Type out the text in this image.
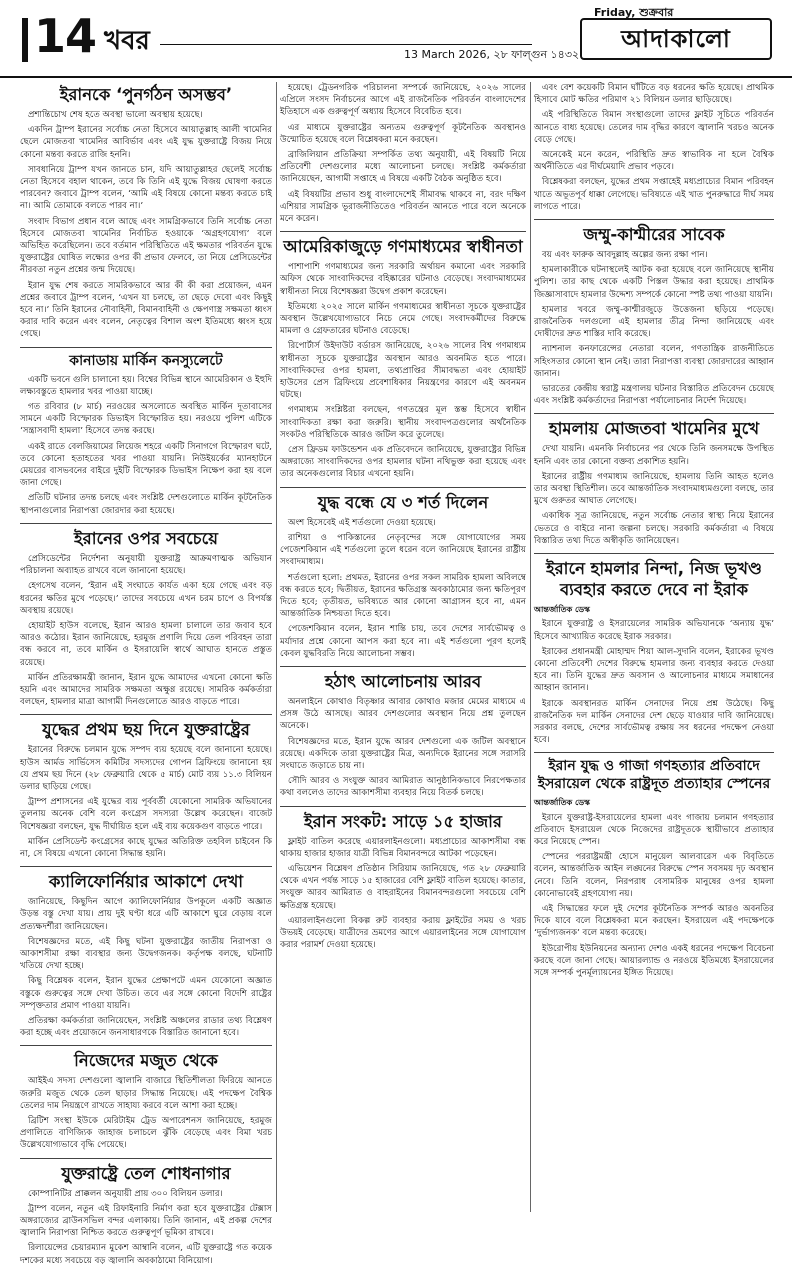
14 খবর	13 March 2026, ২৮ ফাল্গুন ১৪৩২
Friday, শুক্রবার
আদাকালো
ইরানকে ‘পুনর্গঠন অসম্ভব’

প্রশান্তিচোখ শেষ হতে অবস্থা ভালো অবস্থায় হয়েছে।

একদিন ট্রাম্প ইরানের সর্বোচ্চ নেতা হিসেবে আয়াতুল্লাহ আলী খামেনির ছেলে মোজতবা খামেনির আবির্ভাব এবং এই যুদ্ধ যুক্তরাষ্ট্রে বিজয় নিয়ে কোনো মন্তব্য করতে রাজি হননি।

সাবধানিয়ে ট্রাম্প যখন জানতে চান, যদি আয়াতুল্লাহর ছেলেই সর্বোচ্চ নেতা হিসেবে বহাল থাকেন, তবে কি তিনি এই যুদ্ধে বিজয় ঘোষণা করতে পারবেন? জবাবে ট্রাম্প বলেন, ‘আমি এই বিষয়ে কোনো মন্তব্য করতে চাই না। আমি তোমাকে বলতে পারব না।’

সংবাদ বিভাগ প্রধান বলে আছে এবং সামগ্রিকভাবে তিনি সর্বোচ্চ নেতা হিসেবে মোজতবা খামেনির নির্বাচিত হওয়াকে ‘অগ্রহণযোগ্য’ বলে অভিহিত করেছিলেন। তবে বর্তমান পরিস্থিতিতে এই ক্ষমতার পরিবর্তন যুদ্ধে যুক্তরাষ্ট্রের ঘোষিত লক্ষ্যের ওপর কী প্রভাব ফেলবে, তা নিয়ে প্রেসিডেন্টের নীরবতা নতুন প্রশ্নের জন্ম দিয়েছে।

ইরান যুদ্ধ শেষ করতে সামরিকভাবে আর কী কী করা প্রয়োজন, এমন প্রশ্নের জবাবে ট্রাম্প বলেন, ‘এখন যা চলছে, তা ছেড়ে দেবো এবং কিছুই হবে না।’ তিনি ইরানের নৌবাহিনী, বিমানবাহিনী ও ক্ষেপণাস্ত্র সক্ষমতা ধ্বংস করার দাবি করেন এবং বলেন, নেতৃত্বের বিশাল অংশ ইতিমধ্যে ধ্বংস হয়ে গেছে।

কানাডায় মার্কিন কনস্যুলেটে

একটি ভবনে গুলি চালানো হয়। বিশ্বের বিভিন্ন স্থানে আমেরিকান ও ইহুদি লক্ষ্যবস্তুতে হামলার খবর পাওয়া যাচ্ছে।

গত রবিবার (৮ মার্চ) নরওয়ের অসলোতে অবস্থিত মার্কিন দূতাবাসের সামনে একটি বিস্ফোরক ডিভাইস বিস্ফোরিত হয়। নরওয়ে পুলিশ এটিকে ‘সন্ত্রাসবাদী হামলা’ হিসেবে তদন্ত করছে।

একই রাতে বেলজিয়ামের লিয়েজ শহরে একটি সিনাগগে বিস্ফোরণ ঘটে, তবে কোনো হতাহতের খবর পাওয়া যায়নি। নিউইয়র্কের ম্যানহাটনে মেয়রের বাসভবনের বাইরে দুইটি বিস্ফোরক ডিভাইস নিক্ষেপ করা হয় বলে জানা গেছে।

প্রতিটি ঘটনার তদন্ত চলছে এবং সংশ্লিষ্ট দেশগুলোতে মার্কিন কূটনৈতিক স্থাপনাগুলোর নিরাপত্তা জোরদার করা হয়েছে।

ইরানের ওপর সবচেয়ে

প্রেসিডেন্টের নির্দেশনা অনুযায়ী যুক্তরাষ্ট্র আক্রমণাত্মক অভিযান পরিচালনা অব্যাহত রাখবে বলে জানানো হয়েছে।

হেগসেথ বলেন, ‘ইরান এই সংঘাতে কার্যত একা হয়ে গেছে এবং বড় ধরনের ক্ষতির মুখে পড়েছে।’ তাদের সবচেয়ে এখন চরম চাপে ও বিপর্যস্ত অবস্থায় রয়েছে।

হোয়াইট হাউস বলেছে, ইরান আরও হামলা চালালে তার জবাব হবে আরও কঠোর। ইরান জানিয়েছে, হরমুজ প্রণালি দিয়ে তেল পরিবহন তারা বন্ধ করবে না, তবে মার্কিন ও ইসরায়েলি স্বার্থে আঘাত হানতে প্রস্তুত রয়েছে।

মার্কিন প্রতিরক্ষামন্ত্রী জানান, ইরান যুদ্ধে আমাদের এখনো কোনো ক্ষতি হয়নি এবং আমাদের সামরিক সক্ষমতা অক্ষুণ্ণ রয়েছে। সামরিক কর্মকর্তারা বলছেন, হামলার মাত্রা আগামী দিনগুলোতে আরও বাড়তে পারে।

যুদ্ধের প্রথম ছয় দিনে যুক্তরাষ্ট্রের

ইরানের বিরুদ্ধে চলমান যুদ্ধে সম্পদ ব্যয় হয়েছে বলে জানানো হয়েছে। হাউস আর্মড সার্ভিসেস কমিটির সদস্যদের গোপন ব্রিফিংয়ে জানানো হয় যে প্রথম ছয় দিনে (২৮ ফেব্রুয়ারি থেকে ৫ মার্চ) মোট ব্যয় ১১.৩ বিলিয়ন ডলার ছাড়িয়ে গেছে।

ট্রাম্প প্রশাসনের এই যুদ্ধের ব্যয় পূর্ববর্তী যেকোনো সামরিক অভিযানের তুলনায় অনেক বেশি বলে কংগ্রেস সদস্যরা উল্লেখ করেছেন। বাজেট বিশেষজ্ঞরা বলছেন, যুদ্ধ দীর্ঘায়িত হলে এই ব্যয় কয়েকগুণ বাড়তে পারে।

মার্কিন প্রেসিডেন্ট কংগ্রেসের কাছে যুদ্ধের অতিরিক্ত তহবিল চাইবেন কি না, সে বিষয়ে এখনো কোনো সিদ্ধান্ত হয়নি।

ক্যালিফোর্নিয়ার আকাশে দেখা

জানিয়েছে, কিছুদিন আগে ক্যালিফোর্নিয়ার উপকূলে একটি অজ্ঞাত উড়ন্ত বস্তু দেখা যায়। প্রায় দুই ঘণ্টা ধরে এটি আকাশে ঘুরে বেড়ায় বলে প্রত্যক্ষদর্শীরা জানিয়েছেন।

বিশেষজ্ঞদের মতে, এই কিছু ঘটনা যুক্তরাষ্ট্রের জাতীয় নিরাপত্তা ও আকাশসীমা রক্ষা ব্যবস্থার জন্য উদ্বেগজনক। কর্তৃপক্ষ বলছে, ঘটনাটি খতিয়ে দেখা হচ্ছে।

কিছু বিশ্লেষক বলেন, ইরান যুদ্ধের প্রেক্ষাপটে এমন যেকোনো অজ্ঞাত বস্তুকে গুরুত্বের সঙ্গে দেখা উচিত। তবে এর সঙ্গে কোনো বিদেশি রাষ্ট্রের সম্পৃক্ততার প্রমাণ পাওয়া যায়নি।

প্রতিরক্ষা কর্মকর্তারা জানিয়েছেন, সংশ্লিষ্ট অঞ্চলের রাডার তথ্য বিশ্লেষণ করা হচ্ছে এবং প্রয়োজনে জনসাধারণকে বিস্তারিত জানানো হবে।

নিজেদের মজুত থেকে

আইইএ সদস্য দেশগুলো জ্বালানি বাজারে স্থিতিশীলতা ফিরিয়ে আনতে জরুরি মজুত থেকে তেল ছাড়ার সিদ্ধান্ত নিয়েছে। এই পদক্ষেপ বৈশ্বিক তেলের দাম নিয়ন্ত্রণে রাখতে সাহায্য করবে বলে আশা করা হচ্ছে।

ব্রিটিশ সংস্থা ইউকে মেরিটাইম ট্রেড অপারেশনস জানিয়েছে, হরমুজ প্রণালিতে বাণিজ্যিক জাহাজ চলাচলে ঝুঁকি বেড়েছে এবং বিমা খরচ উল্লেখযোগ্যভাবে বৃদ্ধি পেয়েছে।

যুক্তরাষ্ট্রে তেল শোধনাগার

কোম্পানিটির প্রাক্কলন অনুযায়ী প্রায় ৩০০ বিলিয়ন ডলার।

ট্রাম্প বলেন, নতুন এই রিফাইনারি নির্মাণ করা হবে যুক্তরাষ্ট্রের টেক্সাস অঙ্গরাজ্যের ব্রাউনসভিল বন্দর এলাকায়। তিনি জানান, এই প্রকল্প দেশের জ্বালানি নিরাপত্তা নিশ্চিত করতে গুরুত্বপূর্ণ ভূমিকা রাখবে।

রিলায়েন্সের চেয়ারম্যান মুকেশ আম্বানি বলেন, এটি যুক্তরাষ্ট্রে গত কয়েক দশকের মধ্যে সবচেয়ে বড় জ্বালানি অবকাঠামো বিনিয়োগ।

হয়েছে। ট্রেডনগরিক পরিচালনা সম্পর্কে জানিয়েছে, ২০২৬ সালের এপ্রিলে সংসদ নির্বাচনের আগে এই রাজনৈতিক পরিবর্তন বাংলাদেশের ইতিহাসে এক গুরুত্বপূর্ণ অধ্যায় হিসেবে বিবেচিত হবে।

এর মাধ্যমে যুক্তরাষ্ট্রের অন্যতম গুরুত্বপূর্ণ কূটনৈতিক অবস্থানও উন্মোচিত হয়েছে বলে বিশ্লেষকরা মনে করছেন।

ব্রাজিলিয়ান প্রতিক্রিয়া সম্পর্কিত তথ্য অনুযায়ী, এই বিষয়টি নিয়ে প্রতিবেশী দেশগুলোর মধ্যে আলোচনা চলছে। সংশ্লিষ্ট কর্মকর্তারা জানিয়েছেন, আগামী সপ্তাহে এ বিষয়ে একটি বৈঠক অনুষ্ঠিত হবে।

এই বিষয়টির প্রভাব শুধু বাংলাদেশেই সীমাবদ্ধ থাকবে না, বরং দক্ষিণ এশিয়ার সামগ্রিক ভূরাজনীতিতেও পরিবর্তন আনতে পারে বলে অনেকে মনে করেন।

আমেরিকাজুড়ে গণমাধ্যমের স্বাধীনতা

পাশাপাশি গণমাধ্যমের জন্য সরকারি অর্থায়ন কমানো এবং সরকারি অফিস থেকে সাংবাদিকদের বহিষ্কারের ঘটনাও বেড়েছে। সংবাদমাধ্যমের স্বাধীনতা নিয়ে বিশেষজ্ঞরা উদ্বেগ প্রকাশ করেছেন।

ইতিমধ্যে ২০২৫ সালে মার্কিন গণমাধ্যমের স্বাধীনতা সূচকে যুক্তরাষ্ট্রের অবস্থান উল্লেখযোগ্যভাবে নিচে নেমে গেছে। সংবাদকর্মীদের বিরুদ্ধে মামলা ও গ্রেফতারের ঘটনাও বেড়েছে।

রিপোর্টার্স উইদাউট বর্ডারস জানিয়েছে, ২০২৬ সালের বিশ্ব গণমাধ্যম স্বাধীনতা সূচকে যুক্তরাষ্ট্রের অবস্থান আরও অবনমিত হতে পারে। সাংবাদিকদের ওপর হামলা, তথ্যপ্রাপ্তির সীমাবদ্ধতা এবং হোয়াইট হাউসের প্রেস ব্রিফিংয়ে প্রবেশাধিকার নিয়ন্ত্রণের কারণে এই অবনমন ঘটছে।

গণমাধ্যম সংশ্লিষ্টরা বলছেন, গণতন্ত্রের মূল স্তম্ভ হিসেবে স্বাধীন সাংবাদিকতা রক্ষা করা জরুরি। স্থানীয় সংবাদপত্রগুলোর অর্থনৈতিক সংকটও পরিস্থিতিকে আরও জটিল করে তুলেছে।

প্রেস ফ্রিডম ফাউন্ডেশন এক প্রতিবেদনে জানিয়েছে, যুক্তরাষ্ট্রের বিভিন্ন অঙ্গরাজ্যে সাংবাদিকদের ওপর হামলার ঘটনা নথিভুক্ত করা হয়েছে এবং তার অনেকগুলোর বিচার এখনো হয়নি।

যুদ্ধ বন্ধে যে ৩ শর্ত দিলেন

অংশ হিসেবেই এই শর্তগুলো দেওয়া হয়েছে।

রাশিয়া ও পাকিস্তানের নেতৃবৃন্দের সঙ্গে যোগাযোগের সময় পেজেশকিয়ান এই শর্তগুলো তুলে ধরেন বলে জানিয়েছে ইরানের রাষ্ট্রীয় সংবাদমাধ্যম।

শর্তগুলো হলো: প্রথমত, ইরানের ওপর সকল সামরিক হামলা অবিলম্বে বন্ধ করতে হবে; দ্বিতীয়ত, ইরানের ক্ষতিগ্রস্ত অবকাঠামোর জন্য ক্ষতিপূরণ দিতে হবে; তৃতীয়ত, ভবিষ্যতে আর কোনো আগ্রাসন হবে না, এমন আন্তর্জাতিক নিশ্চয়তা দিতে হবে।

পেজেশকিয়ান বলেন, ইরান শান্তি চায়, তবে দেশের সার্বভৌমত্ব ও মর্যাদার প্রশ্নে কোনো আপস করা হবে না। এই শর্তগুলো পূরণ হলেই কেবল যুদ্ধবিরতি নিয়ে আলোচনা সম্ভব।

হঠাৎ আলোচনায় আরব

অনলাইনে কোথাও বিতৃষ্ণার আবার কোথাও মজার মেমের মাধ্যমে এ প্রসঙ্গ উঠে আসছে। আরব দেশগুলোর অবস্থান নিয়ে প্রশ্ন তুলছেন অনেকে।

বিশেষজ্ঞদের মতে, ইরান যুদ্ধে আরব দেশগুলো এক জটিল অবস্থানে রয়েছে। একদিকে তারা যুক্তরাষ্ট্রের মিত্র, অন্যদিকে ইরানের সঙ্গে সরাসরি সংঘাতে জড়াতে চায় না।

সৌদি আরব ও সংযুক্ত আরব আমিরাত আনুষ্ঠানিকভাবে নিরপেক্ষতার কথা বললেও তাদের আকাশসীমা ব্যবহার নিয়ে বিতর্ক চলছে।

ইরান সংকট: সাড়ে ১৫ হাজার

ফ্লাইট বাতিল করেছে এয়ারলাইনগুলো। মধ্যপ্রাচ্যের আকাশসীমা বন্ধ থাকায় হাজার হাজার যাত্রী বিভিন্ন বিমানবন্দরে আটকা পড়েছেন।

এভিয়েশন বিশ্লেষণ প্রতিষ্ঠান সিরিয়াম জানিয়েছে, গত ২৮ ফেব্রুয়ারি থেকে এখন পর্যন্ত সাড়ে ১৫ হাজারের বেশি ফ্লাইট বাতিল হয়েছে। কাতার, সংযুক্ত আরব আমিরাত ও বাহরাইনের বিমানবন্দরগুলো সবচেয়ে বেশি ক্ষতিগ্রস্ত হয়েছে।

এয়ারলাইনগুলো বিকল্প রুট ব্যবহার করায় ফ্লাইটের সময় ও খরচ উভয়ই বেড়েছে। যাত্রীদের ভ্রমণের আগে এয়ারলাইনের সঙ্গে যোগাযোগ করার পরামর্শ দেওয়া হয়েছে।

এবং বেশ কয়েকটি বিমান ঘাঁটিতে বড় ধরনের ক্ষতি হয়েছে। প্রাথমিক হিসাবে মোট ক্ষতির পরিমাণ ২১ বিলিয়ন ডলার ছাড়িয়েছে।

এই পরিস্থিতিতে বিমান সংস্থাগুলো তাদের ফ্লাইট সূচিতে পরিবর্তন আনতে বাধ্য হয়েছে। তেলের দাম বৃদ্ধির কারণে জ্বালানি খরচও অনেক বেড়ে গেছে।

অনেকেই মনে করেন, পরিস্থিতি দ্রুত স্বাভাবিক না হলে বৈশ্বিক অর্থনীতিতে এর দীর্ঘমেয়াদি প্রভাব পড়বে।

বিশ্লেষকরা বলছেন, যুদ্ধের প্রথম সপ্তাহেই মধ্যপ্রাচ্যের বিমান পরিবহন খাতে অভূতপূর্ব ধাক্কা লেগেছে। ভবিষ্যতে এই খাত পুনরুদ্ধারে দীর্ঘ সময় লাগতে পারে।

জম্মু-কাশ্মীরের সাবেক

বয় এবং ফারুক আবদুল্লাহ অল্পের জন্য রক্ষা পান।

হামলাকারীকে ঘটনাস্থলেই আটক করা হয়েছে বলে জানিয়েছে স্থানীয় পুলিশ। তার কাছ থেকে একটি পিস্তল উদ্ধার করা হয়েছে। প্রাথমিক জিজ্ঞাসাবাদে হামলার উদ্দেশ্য সম্পর্কে কোনো স্পষ্ট তথ্য পাওয়া যায়নি।

হামলার খবরে জম্মু-কাশ্মীরজুড়ে উত্তেজনা ছড়িয়ে পড়েছে। রাজনৈতিক দলগুলো এই হামলার তীব্র নিন্দা জানিয়েছে এবং দোষীদের দ্রুত শাস্তির দাবি করেছে।

ন্যাশনাল কনফারেন্সের নেতারা বলেন, গণতান্ত্রিক রাজনীতিতে সহিংসতার কোনো স্থান নেই। তারা নিরাপত্তা ব্যবস্থা জোরদারের আহ্বান জানান।

ভারতের কেন্দ্রীয় স্বরাষ্ট্র মন্ত্রণালয় ঘটনার বিস্তারিত প্রতিবেদন চেয়েছে এবং সংশ্লিষ্ট কর্মকর্তাদের নিরাপত্তা পর্যালোচনার নির্দেশ দিয়েছে।

হামলায় মোজতবা খামেনির মুখে

দেখা যায়নি। এমনকি নির্বাচনের পর থেকে তিনি জনসমক্ষে উপস্থিত হননি এবং তার কোনো বক্তব্য প্রকাশিত হয়নি।

ইরানের রাষ্ট্রীয় গণমাধ্যম জানিয়েছে, হামলায় তিনি আহত হলেও তার অবস্থা স্থিতিশীল। তবে আন্তর্জাতিক সংবাদমাধ্যমগুলো বলছে, তার মুখে গুরুতর আঘাত লেগেছে।

একাধিক সূত্র জানিয়েছে, নতুন সর্বোচ্চ নেতার স্বাস্থ্য নিয়ে ইরানের ভেতরে ও বাইরে নানা জল্পনা চলছে। সরকারি কর্মকর্তারা এ বিষয়ে বিস্তারিত তথ্য দিতে অস্বীকৃতি জানিয়েছেন।

ইরানে হামলার নিন্দা, নিজ ভূখণ্ড ব্যবহার করতে দেবে না ইরাক
আন্তর্জাতিক ডেস্ক

ইরানে যুক্তরাষ্ট্র ও ইসরায়েলের সামরিক অভিযানকে ‘অন্যায় যুদ্ধ’ হিসেবে আখ্যায়িত করেছে ইরাক সরকার।

ইরাকের প্রধানমন্ত্রী মোহাম্মদ শিয়া আল-সুদানি বলেন, ইরাকের ভূখণ্ড কোনো প্রতিবেশী দেশের বিরুদ্ধে হামলার জন্য ব্যবহার করতে দেওয়া হবে না। তিনি যুদ্ধের দ্রুত অবসান ও আলোচনার মাধ্যমে সমাধানের আহ্বান জানান।

ইরাকে অবস্থানরত মার্কিন সেনাদের নিয়ে প্রশ্ন উঠেছে। কিছু রাজনৈতিক দল মার্কিন সেনাদের দেশ ছেড়ে যাওয়ার দাবি জানিয়েছে। সরকার বলছে, দেশের সার্বভৌমত্ব রক্ষায় সব ধরনের পদক্ষেপ নেওয়া হবে।

ইরান যুদ্ধ ও গাজা গণহত্যার প্রতিবাদে ইসরায়েল থেকে রাষ্ট্রদূত প্রত্যাহার স্পেনের
আন্তর্জাতিক ডেস্ক

ইরানে যুক্তরাষ্ট্র-ইসরায়েলের হামলা এবং গাজায় চলমান গণহত্যার প্রতিবাদে ইসরায়েল থেকে নিজেদের রাষ্ট্রদূতকে স্থায়ীভাবে প্রত্যাহার করে নিয়েছে স্পেন।

স্পেনের পররাষ্ট্রমন্ত্রী হোসে মানুয়েল আলবারেস এক বিবৃতিতে বলেন, আন্তর্জাতিক আইন লঙ্ঘনের বিরুদ্ধে স্পেন সবসময় দৃঢ় অবস্থান নেবে। তিনি বলেন, নিরপরাধ বেসামরিক মানুষের ওপর হামলা কোনোভাবেই গ্রহণযোগ্য নয়।

এই সিদ্ধান্তের ফলে দুই দেশের কূটনৈতিক সম্পর্ক আরও অবনতির দিকে যাবে বলে বিশ্লেষকরা মনে করছেন। ইসরায়েল এই পদক্ষেপকে ‘দুর্ভাগ্যজনক’ বলে মন্তব্য করেছে।

ইউরোপীয় ইউনিয়নের অন্যান্য দেশও একই ধরনের পদক্ষেপ বিবেচনা করছে বলে জানা গেছে। আয়ারল্যান্ড ও নরওয়ে ইতিমধ্যে ইসরায়েলের সঙ্গে সম্পর্ক পুনর্মূল্যায়নের ইঙ্গিত দিয়েছে।
